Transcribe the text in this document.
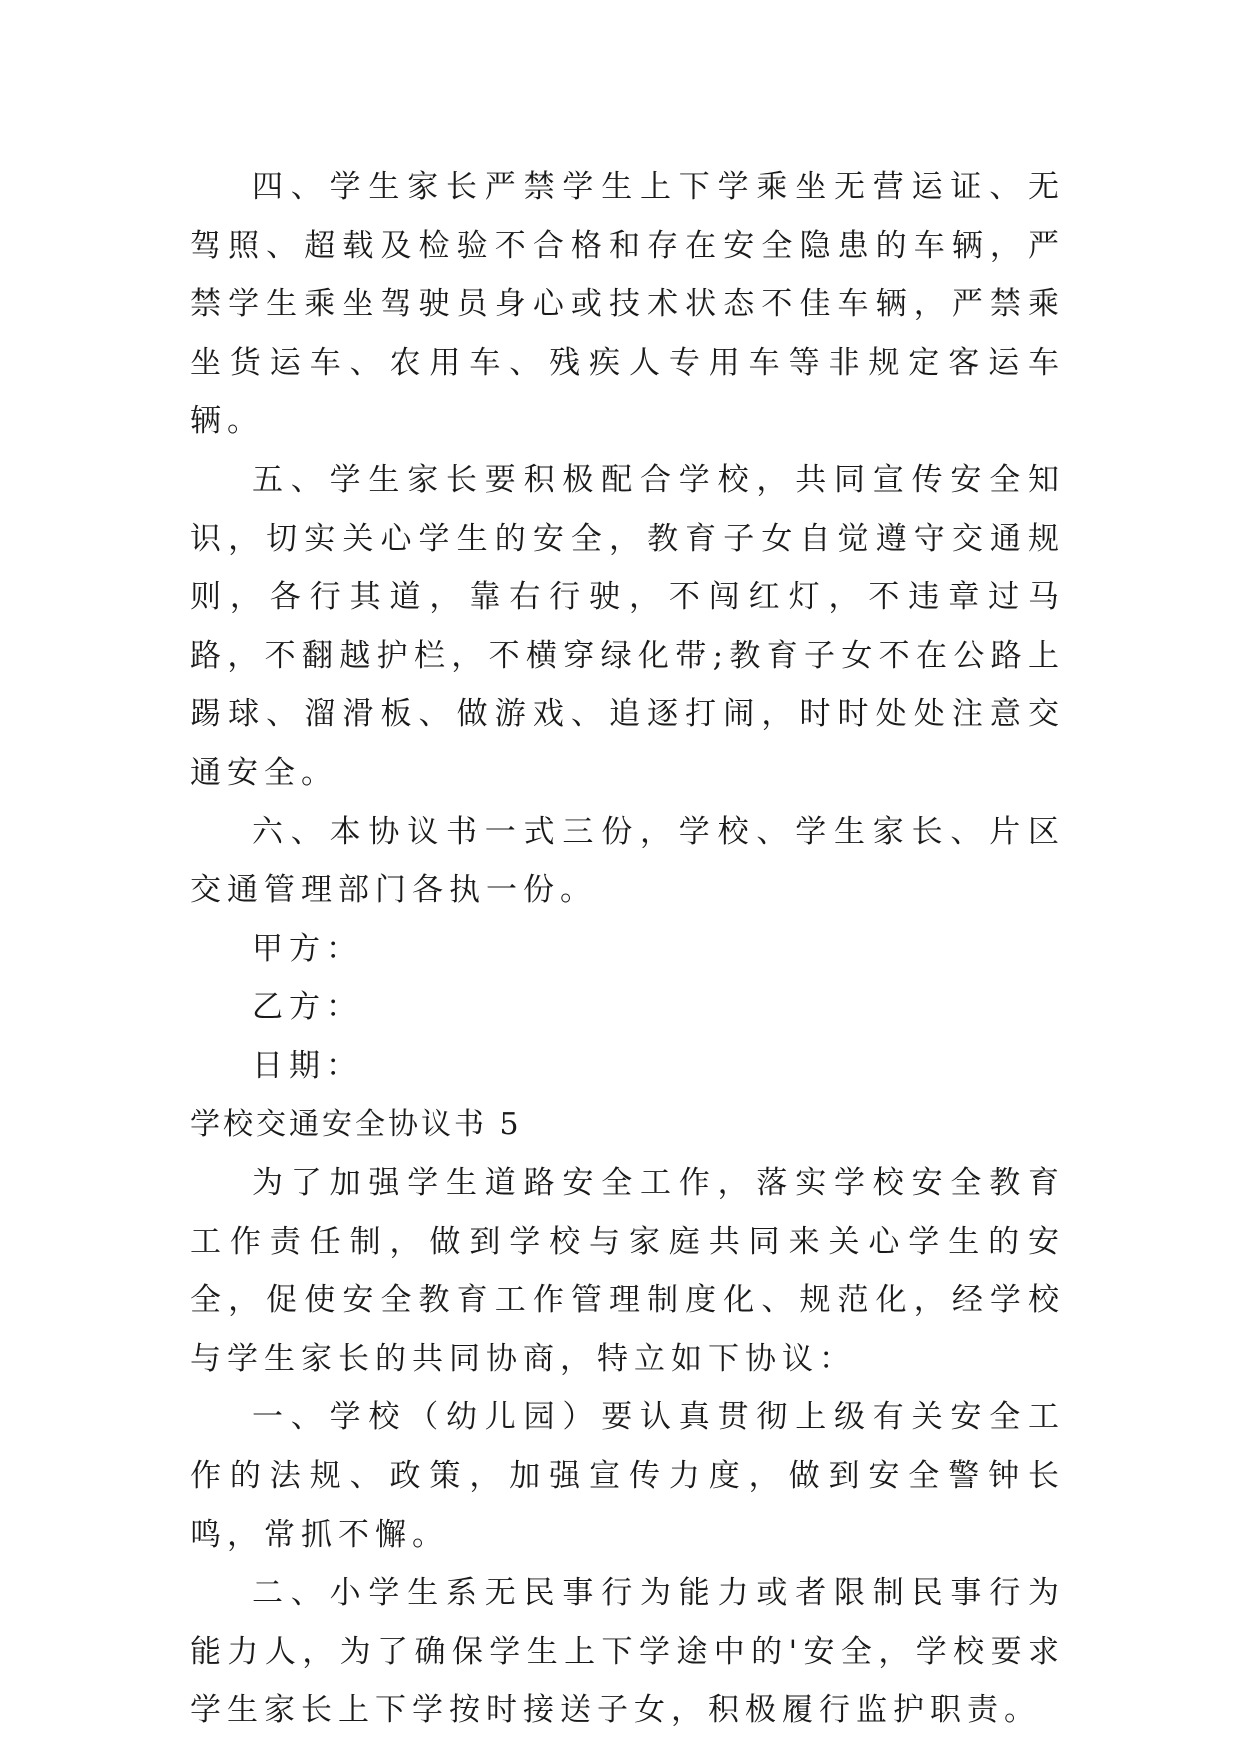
四、学生家长严禁学生上下学乘坐无营运证、无驾照、超载及检验不合格和存在安全隐患的车辆，严禁学生乘坐驾驶员身心或技术状态不佳车辆，严禁乘坐货运车、农用车、残疾人专用车等非规定客运车辆。

五、学生家长要积极配合学校，共同宣传安全知识，切实关心学生的安全，教育子女自觉遵守交通规则，各行其道，靠右行驶，不闯红灯，不违章过马路，不翻越护栏，不横穿绿化带;教育子女不在公路上踢球、溜滑板、做游戏、追逐打闹，时时处处注意交通安全。

六、本协议书一式三份，学校、学生家长、片区交通管理部门各执一份。

甲方：

乙方：

日期：

学校交通安全协议书 5

为了加强学生道路安全工作，落实学校安全教育工作责任制，做到学校与家庭共同来关心学生的安全，促使安全教育工作管理制度化、规范化，经学校与学生家长的共同协商，特立如下协议：

一、学校（幼儿园）要认真贯彻上级有关安全工作的法规、政策，加强宣传力度，做到安全警钟长鸣，常抓不懈。

二、小学生系无民事行为能力或者限制民事行为能力人，为了确保学生上下学途中的'安全，学校要求学生家长上下学按时接送子女，积极履行监护职责。
